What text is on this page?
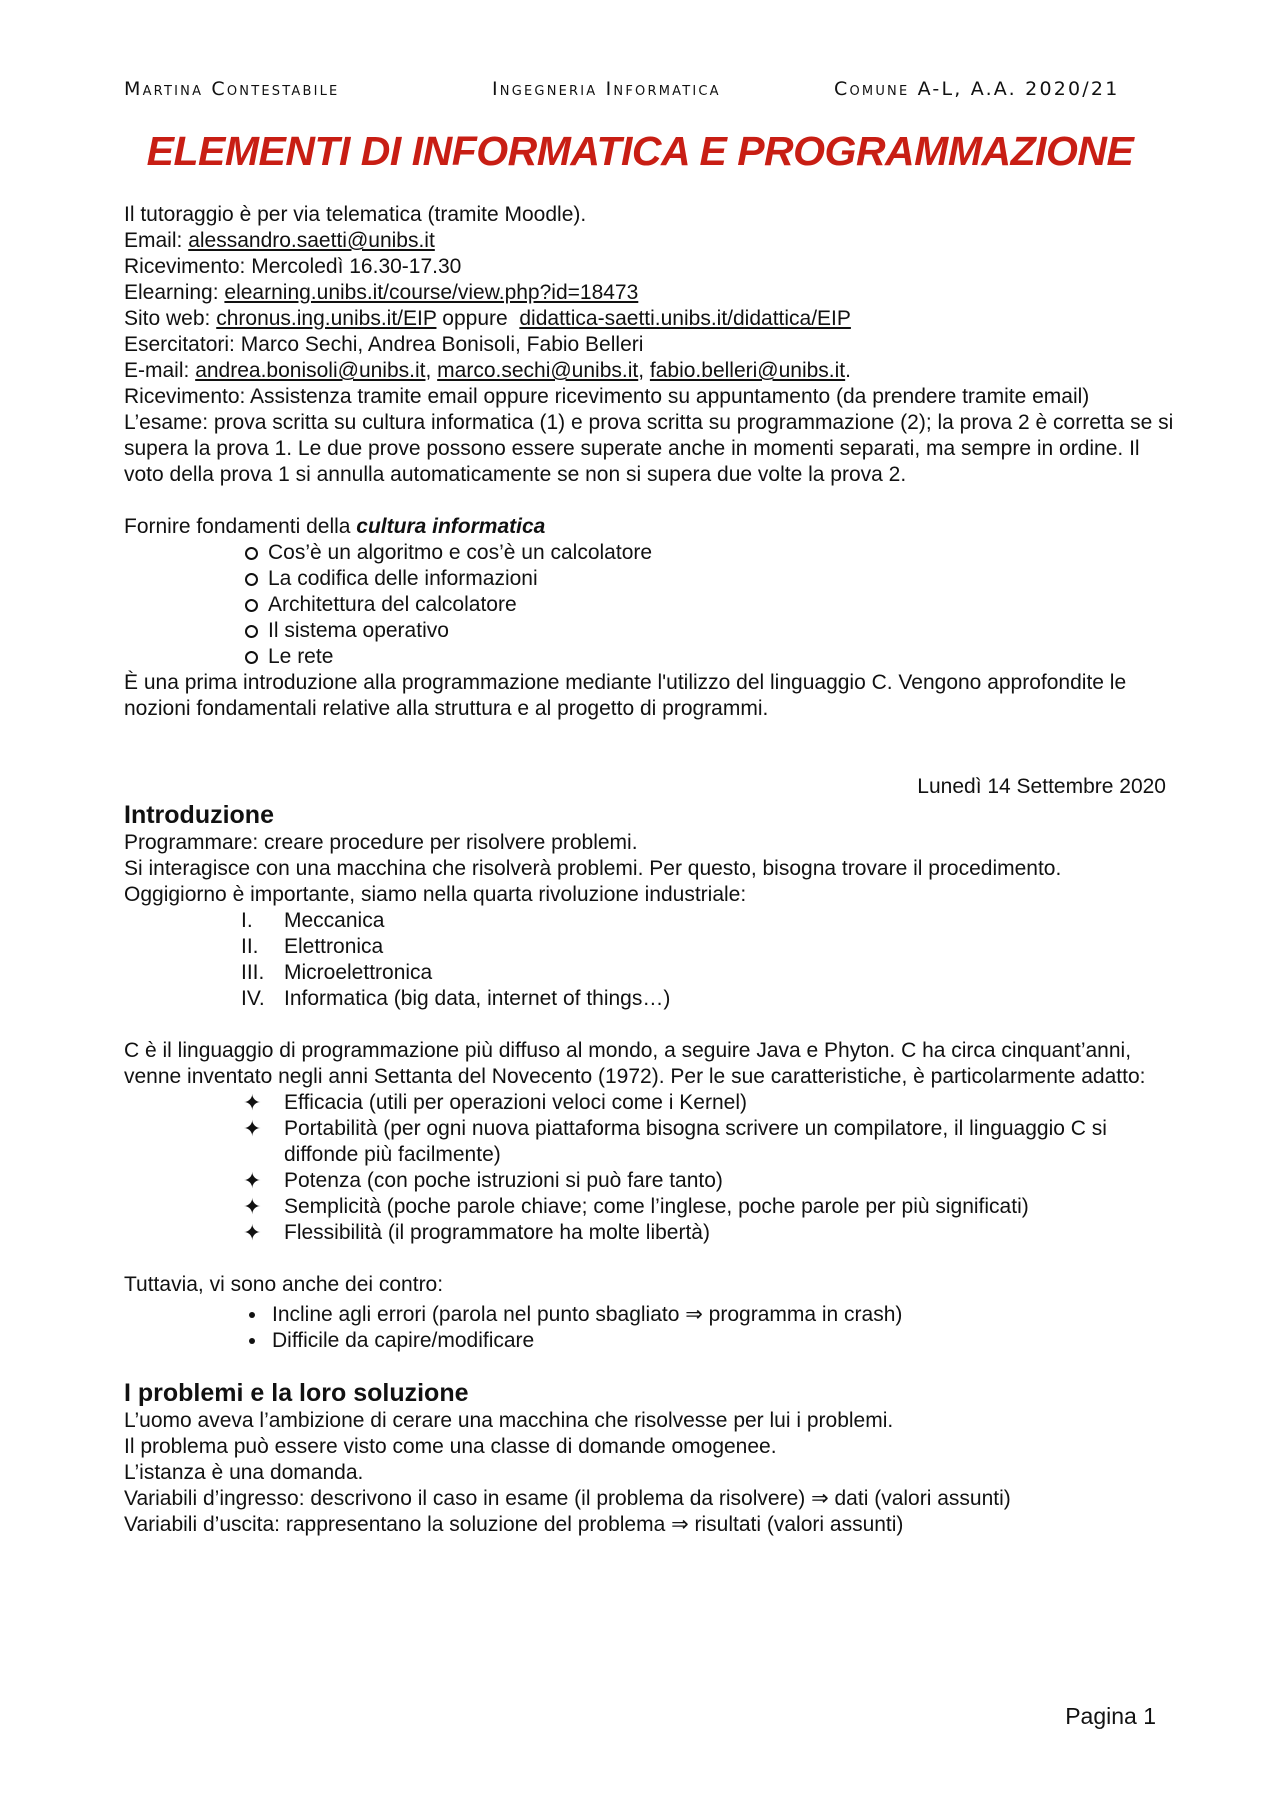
Martina Contestabile	Ingegneria Informatica	Comune A-L, A.A. 2020/21
ELEMENTI DI INFORMATICA E PROGRAMMAZIONE

Il tutoraggio è per via telematica (tramite Moodle).

Email: alessandro.saetti@unibs.it

Ricevimento: Mercoledì 16.30-17.30

Elearning: elearning.unibs.it/course/view.php?id=18473

Sito web: chronus.ing.unibs.it/EIP oppure  didattica-saetti.unibs.it/didattica/EIP

Esercitatori: Marco Sechi, Andrea Bonisoli, Fabio Belleri

E-mail: andrea.bonisoli@unibs.it, marco.sechi@unibs.it, fabio.belleri@unibs.it.

Ricevimento: Assistenza tramite email oppure ricevimento su appuntamento (da prendere tramite email)

L’esame: prova scritta su cultura informatica (1) e prova scritta su programmazione (2); la prova 2 è corretta se si supera la prova 1. Le due prove possono essere superate anche in momenti separati, ma sempre in ordine. Il voto della prova 1 si annulla automaticamente se non si supera due volte la prova 2.

Fornire fondamenti della cultura informatica

Cos’è un algoritmo e cos’è un calcolatore
La codifica delle informazioni
Architettura del calcolatore
Il sistema operativo
Le rete

È una prima introduzione alla programmazione mediante l'utilizzo del linguaggio C. Vengono approfondite le nozioni fondamentali relative alla struttura e al progetto di programmi.

Lunedì 14 Settembre 2020

Introduzione

Programmare: creare procedure per risolvere problemi.

Si interagisce con una macchina che risolverà problemi. Per questo, bisogna trovare il procedimento.

Oggigiorno è importante, siamo nella quarta rivoluzione industriale:

I.	Meccanica
II.	Elettronica
III. Microelettronica
IV. Informatica (big data, internet of things…)

C è il linguaggio di programmazione più diffuso al mondo, a seguire Java e Phyton. C ha circa cinquant’anni, venne inventato negli anni Settanta del Novecento (1972). Per le sue caratteristiche, è particolarmente adatto:

✦ Efficacia (utili per operazioni veloci come i Kernel)
✦ Portabilità (per ogni nuova piattaforma bisogna scrivere un compilatore, il linguaggio C si diffonde più facilmente)
✦ Potenza (con poche istruzioni si può fare tanto)
✦ Semplicità (poche parole chiave; come l’inglese, poche parole per più significati)
✦ Flessibilità (il programmatore ha molte libertà)

Tuttavia, vi sono anche dei contro:

Incline agli errori (parola nel punto sbagliato ⇒ programma in crash)
Difficile da capire/modificare
I problemi e la loro soluzione

L’uomo aveva l’ambizione di cerare una macchina che risolvesse per lui i problemi.

Il problema può essere visto come una classe di domande omogenee.

L’istanza è una domanda.

Variabili d’ingresso: descrivono il caso in esame (il problema da risolvere) ⇒ dati (valori assunti)

Variabili d’uscita: rappresentano la soluzione del problema ⇒ risultati (valori assunti)

Pagina 1
